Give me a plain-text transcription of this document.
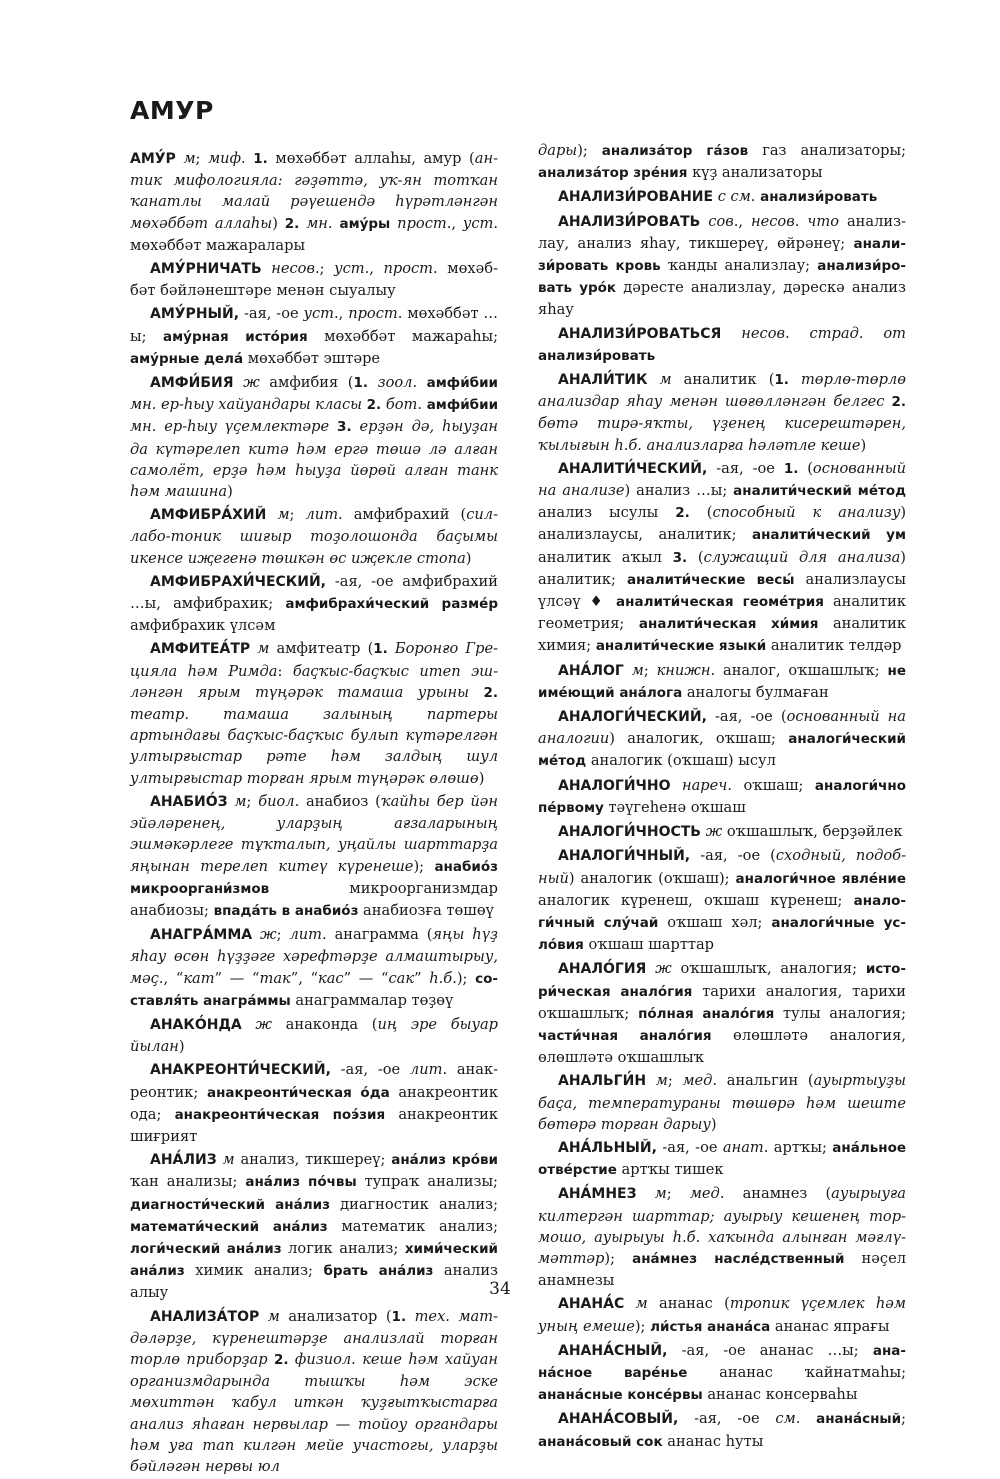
АМУР

АМУ́Р м; миф. 1. мөхәббәт аллаһы, амур (антик мифологияла: гәҙәттә, уҡ-ян тотҡан ҡанатлы малай рәүешендә һүрәтләнгән мөхәббәт аллаһы) 2. мн. аму́ры прост., уст. мөхәббәт мажаралары

АМУ́РНИЧАТЬ несов.; уст., прост. мөхәббәт бәйләнештәре менән сыуалыу

АМУ́РНЫЙ, -ая, -ое уст., прост. мөхәббәт …ы; аму́рная исто́рия мөхәббәт мажараһы; аму́рные дела́ мөхәббәт эштәре

АМФИ́БИЯ ж амфибия (1. зоол. амфи́бии мн. ер-һыу хайуандары класы 2. бот. амфи́бии мн. ер-һыу үҫемлектәре 3. ерҙән дә, һыуҙан да күтәрелеп китә һәм ергә төшә лә алған самолёт, ерҙә һәм һыуҙа йөрөй алған танк һәм машина)

АМФИБРА́ХИЙ м; лит. амфибрахий (силлабо-тоник шиғыр тоҙолошонда баҫымы икенсе иҗегенә төшкән өс иҗекле стопа)

АМФИБРАХИ́ЧЕСКИЙ, -ая, -ое амфибрахий …ы, амфибрахик; амфибрахи́ческий разме́р амфибрахик үлсәм

АМФИТЕА́ТР м амфитеатр (1. Боронғо Грецияла һәм Римда: баҫҡыс-баҫҡыс итеп эшләнгән ярым түңәрәк тамаша урыны 2. театр. тамаша залының партеры артындағы баҫҡыс-баҫҡыс булып күтәрелгән ултырғыстар рәте һәм залдың шул ултырғыстар торған ярым түңәрәк өлөшө)

АНАБИО́З м; биол. анабиоз (ҡайһы бер йән эйәләренең, уларҙың ағзаларының эшмәкәрлеге тұҡталып, уңайлы шарттарҙа яңынан терелеп китеү күренеше); анабио́з микрооргани́змов микроорганизмдар анабиозы; впада́ть в анабио́з анабиозға төшөү

АНАГРА́ММА ж; лит. анаграмма (яңы һүҙ яһау өсөн һүҙҙәге хәрефтәрҙе алмаштырыу, мәҫ., “кат” — “так”, “кас” — “сак” һ.б.); составля́ть анагра́ммы анаграммалар төҙөү

АНАКО́НДА ж анаконда (иң эре быуар йылан)

АНАКРЕОНТИ́ЧЕСКИЙ, -ая, -ое лит. анакреонтик; анакреонти́ческая о́да анакреонтик ода; анакреонти́ческая поэ́зия анакреонтик шиғрият

АНА́ЛИЗ м анализ, тикшереү; ана́лиз кро́ви ҡан анализы; ана́лиз по́чвы тупраҡ анализы; диагности́ческий ана́лиз диагностик анализ; математи́ческий ана́лиз математик анализ; логи́ческий ана́лиз логик анализ; хими́ческий ана́лиз химик анализ; брать ана́лиз анализ алыу

АНАЛИЗА́ТОР м анализатор (1. тех. матдәләрҙе, күренештәрҙе анализлай торған торлө приборҙар 2. физиол. кеше һәм хайуан организмдарында тышҡы һәм эске мөхиттән ҡабул иткән ҡуҙғытҡыстарға анализ яһаған нервылар — тойоу органдары һәм уға тап килгән мейе участогы, уларҙы бәйләгән нервы юл

дары); анализа́тор га́зов газ анализаторы; анализа́тор зре́ния күҙ анализаторы

АНАЛИЗИ́РОВАНИЕ с см. анализи́ровать

АНАЛИЗИ́РОВАТЬ сов., несов. что анализлау, анализ яһау, тикшереү, өйрәнеү; анализи́ровать кровь ҡанды анализлау; анализи́ровать уро́к дәресте анализлау, дәрескә анализ яһау

АНАЛИЗИ́РОВАТЬСЯ несов. страд. от анализи́ровать

АНАЛИ́ТИК м аналитик (1. төрлө-төрлө анализдар яһау менән шөғөлләнгән белгес 2. бөтә тирә-яҡты, үҙенең кисерештәрен, ҡылығын һ.б. анализларға һәләтле кеше)

АНАЛИТИ́ЧЕСКИЙ, -ая, -ое 1. (основанный на анализе) анализ …ы; аналити́ческий ме́тод анализ ысулы 2. (способный к анализу) анализлаусы, аналитик; аналити́ческий ум аналитик аҡыл 3. (служащий для анализа) аналитик; аналити́ческие весы́ анализлаусы үлсәү ♦ аналити́ческая геоме́трия аналитик геометрия; аналити́ческая хи́мия аналитик химия; аналити́ческие языки́ аналитик телдәр

АНА́ЛОГ м; книжн. аналог, оҡшашлыҡ; не име́ющий ана́лога аналогы булмаған

АНАЛОГИ́ЧЕСКИЙ, -ая, -ое (основанный на аналогии) аналогик, оҡшаш; аналоги́ческий ме́тод аналогик (оҡшаш) ысул

АНАЛОГИ́ЧНО нареч. оҡшаш; аналоги́чно пе́рвому тәүгеһенә оҡшаш

АНАЛОГИ́ЧНОСТЬ ж оҡшашлыҡ, берҙәйлек

АНАЛОГИ́ЧНЫЙ, -ая, -ое (сходный, подобный) аналогик (оҡшаш); аналоги́чное явле́ние аналогик күренеш, оҡшаш күренеш; аналоги́чный слу́чай оҡшаш хәл; аналоги́чные усло́вия оҡшаш шарттар

АНАЛО́ГИЯ ж оҡшашлыҡ, аналогия; истори́ческая анало́гия тарихи аналогия, тарихи оҡшашлыҡ; по́лная анало́гия тулы аналогия; части́чная анало́гия өлөшләтә аналогия, өлөшләтә оҡшашлыҡ

АНАЛЬГИ́Н м; мед. анальгин (ауыртыуҙы баҫа, температураны төшөрә һәм шеште бөтөрә торған дарыу)

АНА́ЛЬНЫЙ, -ая, -ое анат. артҡы; ана́льное отве́рстие артҡы тишек

АНА́МНЕЗ м; мед. анамнез (ауырыуға килтергән шарттар; ауырыу кешенең тормошо, ауырыуы һ.б. хаҡында алынған мәғлүмәттәр); ана́мнез насле́дственный нәҫел анамнезы

АНАНА́С м ананас (тропик үҫемлек һәм уның емеше); ли́стья анана́са ананас япрағы

АНАНА́СНЫЙ, -ая, -ое ананас …ы; анана́сное варе́нье ананас ҡайнатмаһы; анана́сные консе́рвы ананас консерваһы

АНАНА́СОВЫЙ, -ая, -ое см. анана́сный; анана́совый сок ананас һуты

34
